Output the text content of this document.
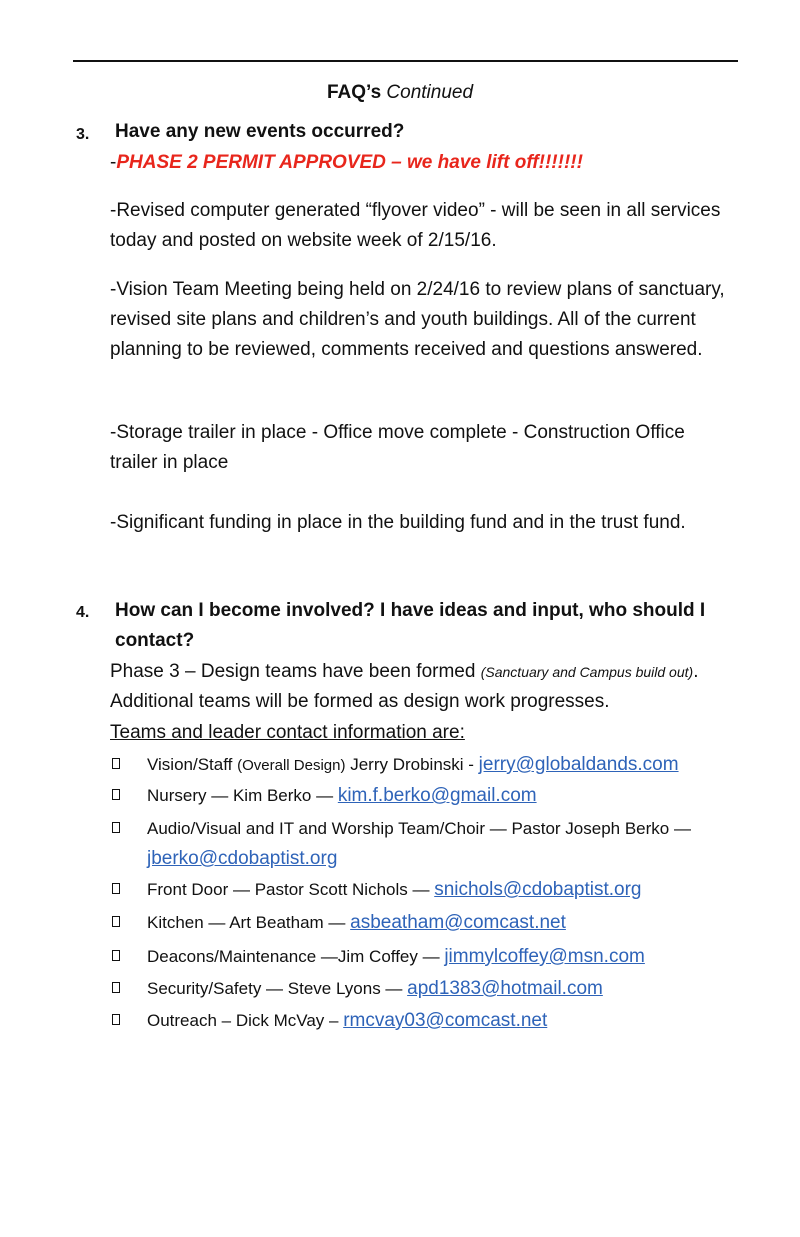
FAQ’s Continued
3. Have any new events occurred?
-PHASE 2 PERMIT APPROVED – we have lift off!!!!!!!
-Revised computer generated “flyover video” - will be seen in all services today and posted on website week of 2/15/16.
-Vision Team Meeting being held on 2/24/16 to review plans of sanctuary, revised site plans and children’s and youth buildings. All of the current planning to be reviewed, comments received and questions answered.
-Storage trailer in place - Office move complete - Construction Office trailer in place
-Significant funding in place in the building fund and in the trust fund.
4. How can I become involved? I have ideas and input, who should I contact?
Phase 3 – Design teams have been formed (Sanctuary and Campus build out). Additional teams will be formed as design work progresses.
Teams and leader contact information are:
Vision/Staff (Overall Design) Jerry Drobinski - jerry@globaldands.com
Nursery — Kim Berko — kim.f.berko@gmail.com
Audio/Visual and IT and Worship Team/Choir — Pastor Joseph Berko — jberko@cdobaptist.org
Front Door — Pastor Scott Nichols — snichols@cdobaptist.org
Kitchen — Art Beatham — asbeatham@comcast.net
Deacons/Maintenance —Jim Coffey — jimmylcoffey@msn.com
Security/Safety — Steve Lyons — apd1383@hotmail.com
Outreach – Dick McVay – rmcvay03@comcast.net
